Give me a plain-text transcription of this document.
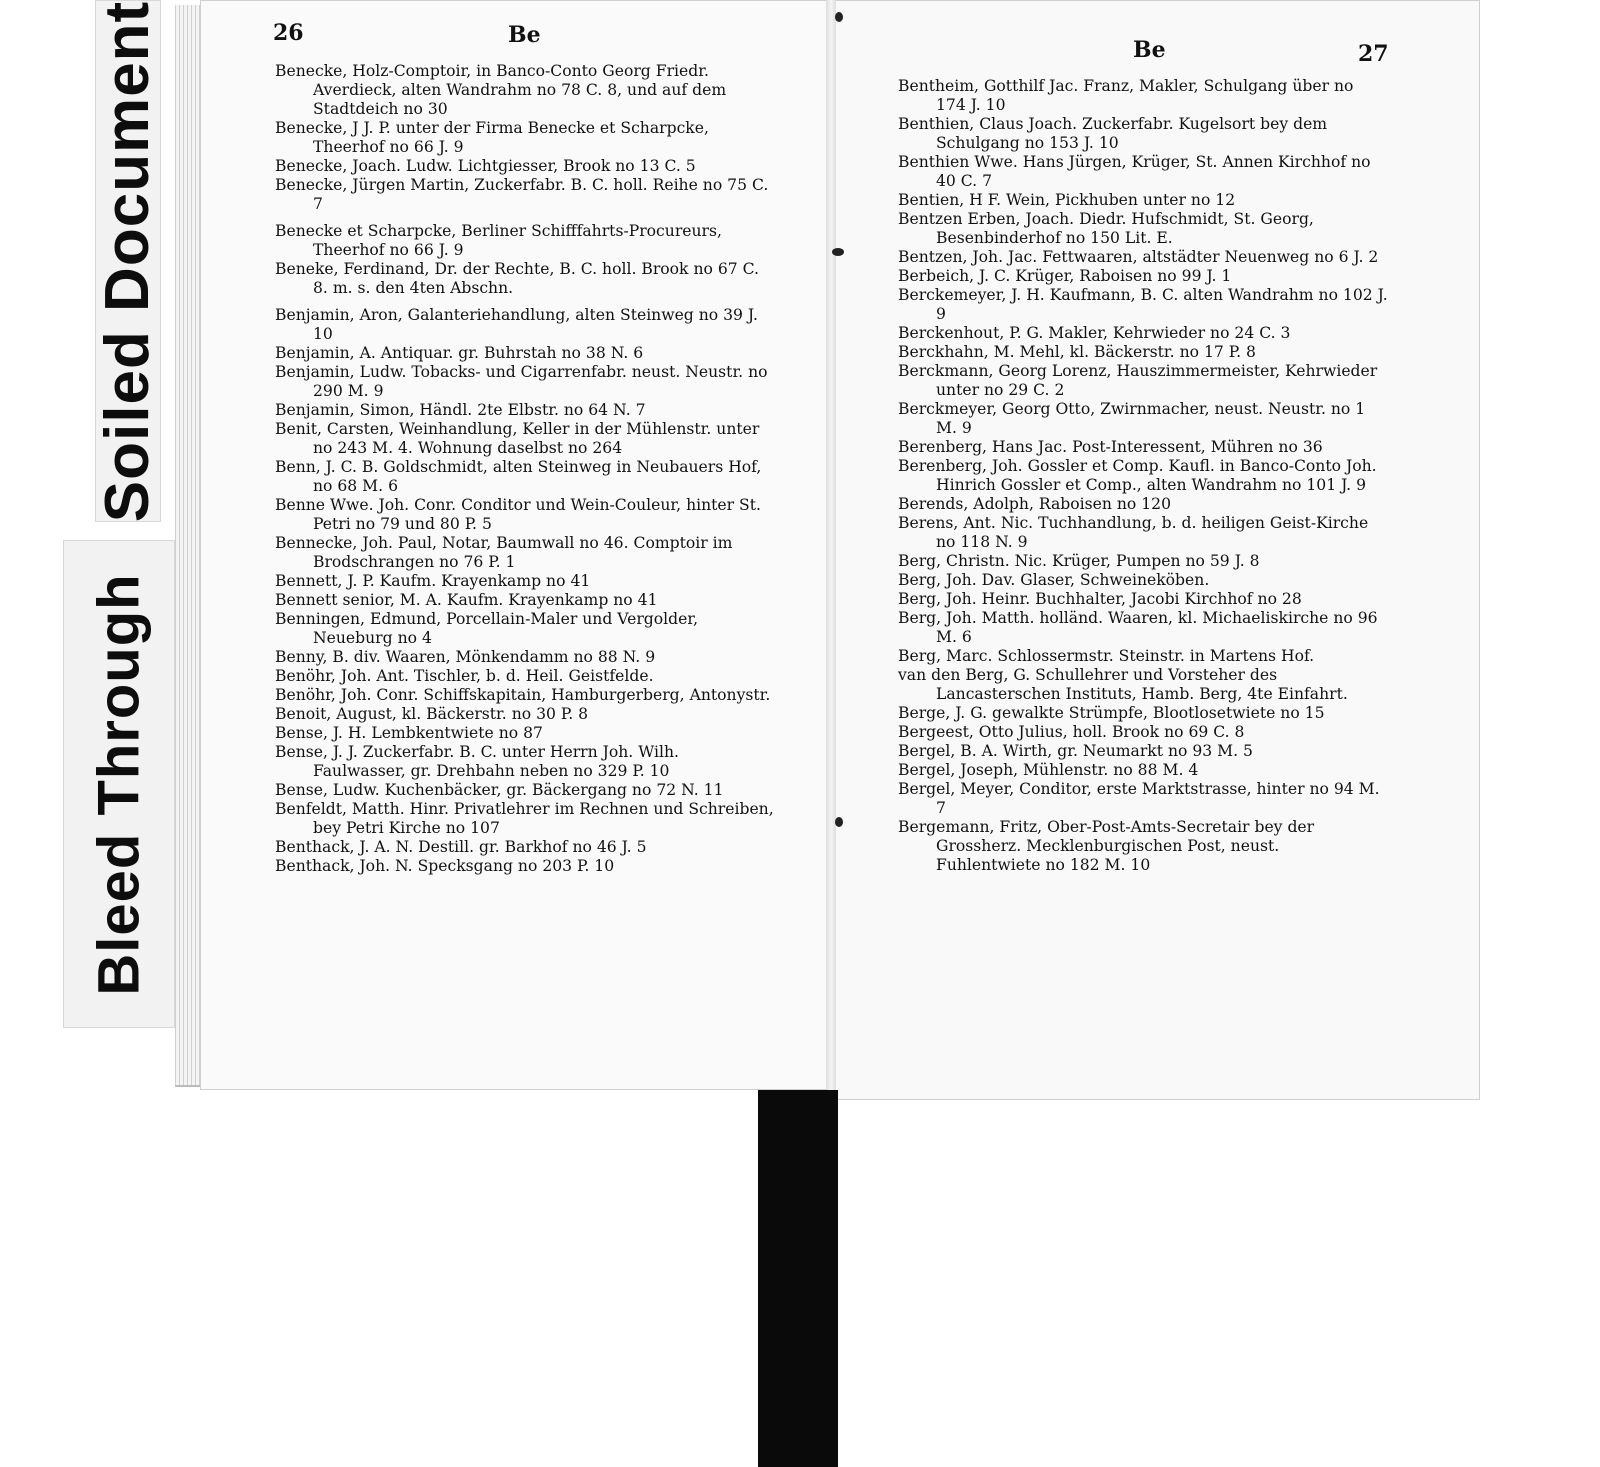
Soiled Document
Bleed Through
26	Be
Be	27

Benecke, Holz-Comptoir, in Banco-Conto Georg Friedr. Averdieck, alten Wandrahm no 78 C. 8, und auf dem Stadtdeich no 30

Benecke, J J. P. unter der Firma Benecke et Scharpcke, Theerhof no 66 J. 9

Benecke, Joach. Ludw. Lichtgiesser, Brook no 13 C. 5

Benecke, Jürgen Martin, Zuckerfabr. B. C. holl. Reihe no 75 C. 7

Benecke et Scharpcke, Berliner Schifffahrts-Procureurs, Theerhof no 66 J. 9

Beneke, Ferdinand, Dr. der Rechte, B. C. holl. Brook no 67 C. 8. m. s. den 4ten Abschn.

Benjamin, Aron, Galanteriehandlung, alten Steinweg no 39 J. 10

Benjamin, A. Antiquar. gr. Buhrstah no 38 N. 6

Benjamin, Ludw. Tobacks- und Cigarrenfabr. neust. Neustr. no 290 M. 9

Benjamin, Simon, Händl. 2te Elbstr. no 64 N. 7

Benit, Carsten, Weinhandlung, Keller in der Mühlenstr. unter no 243 M. 4. Wohnung daselbst no 264

Benn, J. C. B. Goldschmidt, alten Steinweg in Neubauers Hof, no 68 M. 6

Benne Wwe. Joh. Conr. Conditor und Wein-Couleur, hinter St. Petri no 79 und 80 P. 5

Bennecke, Joh. Paul, Notar, Baumwall no 46. Comptoir im Brodschrangen no 76 P. 1

Bennett, J. P. Kaufm. Krayenkamp no 41

Bennett senior, M. A. Kaufm. Krayenkamp no 41

Benningen, Edmund, Porcellain-Maler und Vergolder, Neueburg no 4

Benny, B. div. Waaren, Mönkendamm no 88 N. 9

Benöhr, Joh. Ant. Tischler, b. d. Heil. Geistfelde.

Benöhr, Joh. Conr. Schiffskapitain, Hamburgerberg, Antonystr.

Benoit, August, kl. Bäckerstr. no 30 P. 8

Bense, J. H. Lembkentwiete no 87

Bense, J. J. Zuckerfabr. B. C. unter Herrn Joh. Wilh. Faulwasser, gr. Drehbahn neben no 329 P. 10

Bense, Ludw. Kuchenbäcker, gr. Bäckergang no 72 N. 11

Benfeldt, Matth. Hinr. Privatlehrer im Rechnen und Schreiben, bey Petri Kirche no 107

Benthack, J. A. N. Destill. gr. Barkhof no 46 J. 5

Benthack, Joh. N. Specksgang no 203 P. 10

Bentheim, Gotthilf Jac. Franz, Makler, Schulgang über no 174 J. 10

Benthien, Claus Joach. Zuckerfabr. Kugelsort bey dem Schulgang no 153 J. 10

Benthien Wwe. Hans Jürgen, Krüger, St. Annen Kirchhof no 40 C. 7

Bentien, H F. Wein, Pickhuben unter no 12

Bentzen Erben, Joach. Diedr. Hufschmidt, St. Georg, Besenbinderhof no 150 Lit. E.

Bentzen, Joh. Jac. Fettwaaren, altstädter Neuenweg no 6 J. 2

Berbeich, J. C. Krüger, Raboisen no 99 J. 1

Berckemeyer, J. H. Kaufmann, B. C. alten Wandrahm no 102 J. 9

Berckenhout, P. G. Makler, Kehrwieder no 24 C. 3

Berckhahn, M. Mehl, kl. Bäckerstr. no 17 P. 8

Berckmann, Georg Lorenz, Hauszimmermeister, Kehrwieder unter no 29 C. 2

Berckmeyer, Georg Otto, Zwirnmacher, neust. Neustr. no 1 M. 9

Berenberg, Hans Jac. Post-Interessent, Mühren no 36

Berenberg, Joh. Gossler et Comp. Kaufl. in Banco-Conto Joh. Hinrich Gossler et Comp., alten Wandrahm no 101 J. 9

Berends, Adolph, Raboisen no 120

Berens, Ant. Nic. Tuchhandlung, b. d. heiligen Geist-Kirche no 118 N. 9

Berg, Christn. Nic. Krüger, Pumpen no 59 J. 8

Berg, Joh. Dav. Glaser, Schweineköben.

Berg, Joh. Heinr. Buchhalter, Jacobi Kirchhof no 28

Berg, Joh. Matth. holländ. Waaren, kl. Michaeliskirche no 96 M. 6

Berg, Marc. Schlossermstr. Steinstr. in Martens Hof.

van den Berg, G. Schullehrer und Vorsteher des Lancasterschen Instituts, Hamb. Berg, 4te Einfahrt.

Berge, J. G. gewalkte Strümpfe, Blootlosetwiete no 15

Bergeest, Otto Julius, holl. Brook no 69 C. 8

Bergel, B. A. Wirth, gr. Neumarkt no 93 M. 5

Bergel, Joseph, Mühlenstr. no 88 M. 4

Bergel, Meyer, Conditor, erste Marktstrasse, hinter no 94 M. 7

Bergemann, Fritz, Ober-Post-Amts-Secretair bey der Grossherz. Mecklenburgischen Post, neust. Fuhlentwiete no 182 M. 10
